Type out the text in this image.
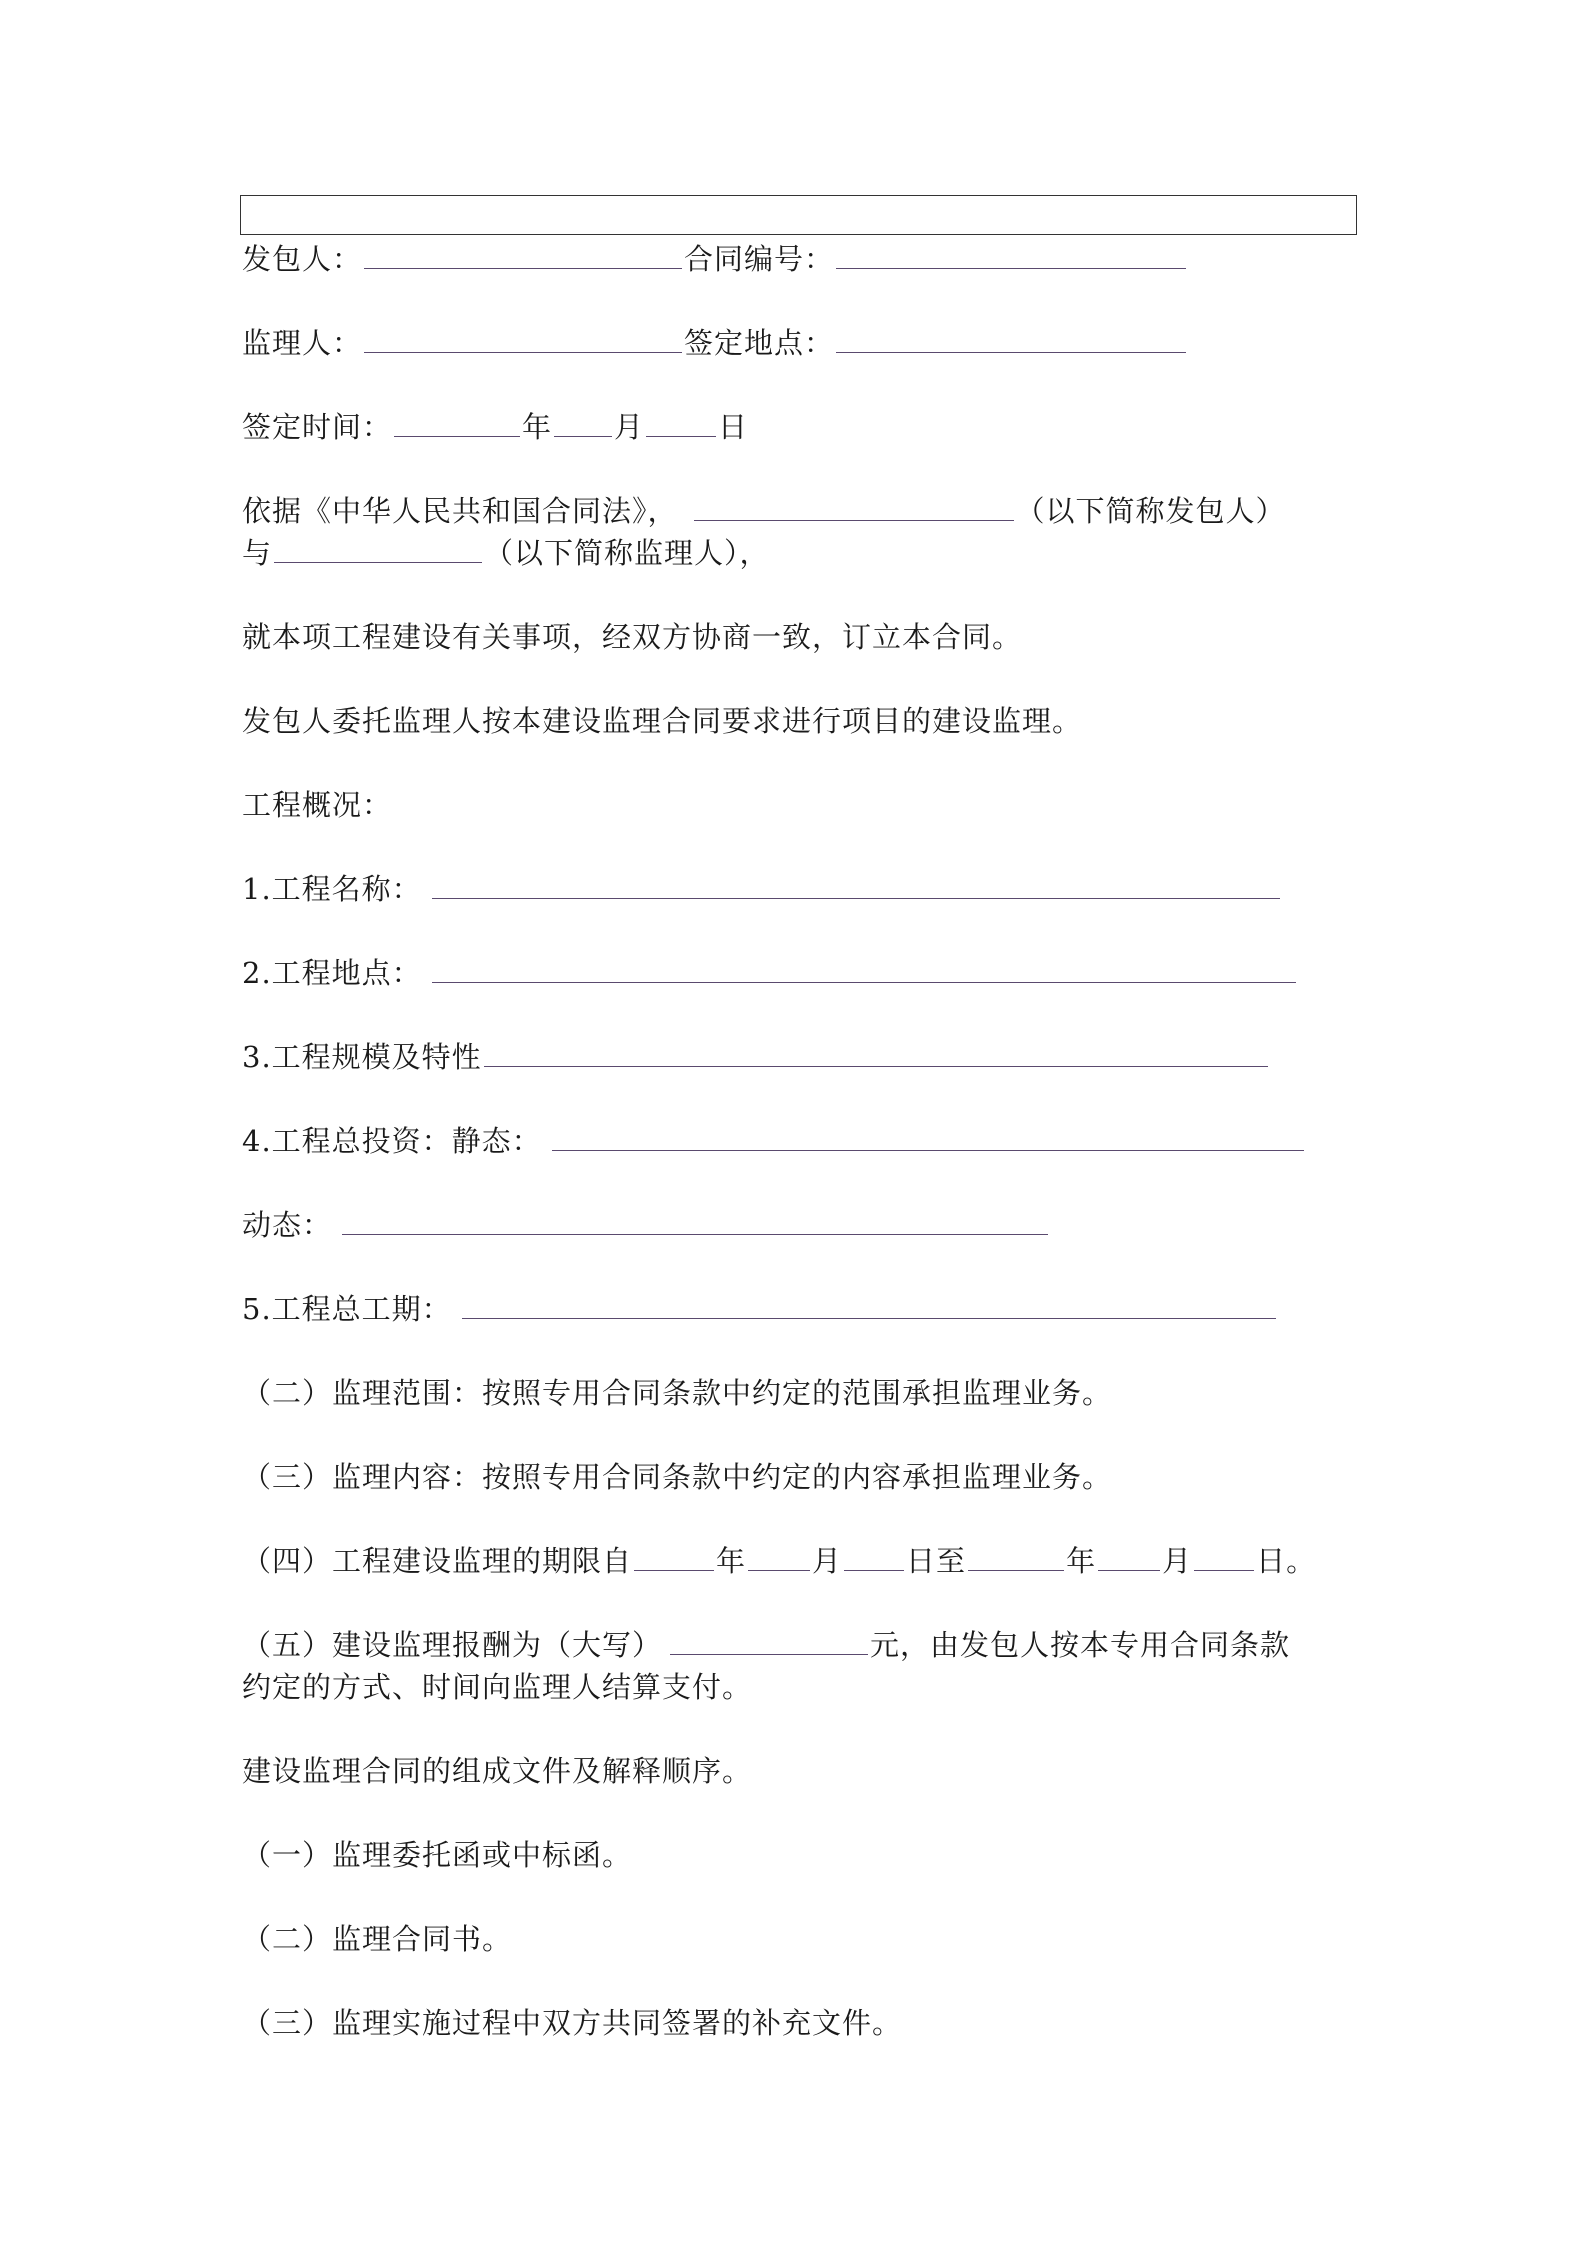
发包人：	合同编号：
监理人：	签定地点：
签定时间：	年 月	日
依据《中华人民共和国合同法》，	（以下简称发包人）
与	（以下简称监理人），
就本项工程建设有关事项，经双方协商一致，订立本合同。
发包人委托监理人按本建设监理合同要求进行项目的建设监理。
工程概况：
1.工程名称：
2.工程地点：
3.工程规模及特性
4.工程总投资：静态：
动态：
5.工程总工期：
（二）监理范围：按照专用合同条款中约定的范围承担监理业务。
（三）监理内容：按照专用合同条款中约定的内容承担监理业务。
（四）工程建设监理的期限自	年 月 日至	年 月 日。
（五）建设监理报酬为（大写）	元，由发包人按本专用合同条款
约定的方式、时间向监理人结算支付。
建设监理合同的组成文件及解释顺序。
（一）监理委托函或中标函。
（二）监理合同书。
（三）监理实施过程中双方共同签署的补充文件。
